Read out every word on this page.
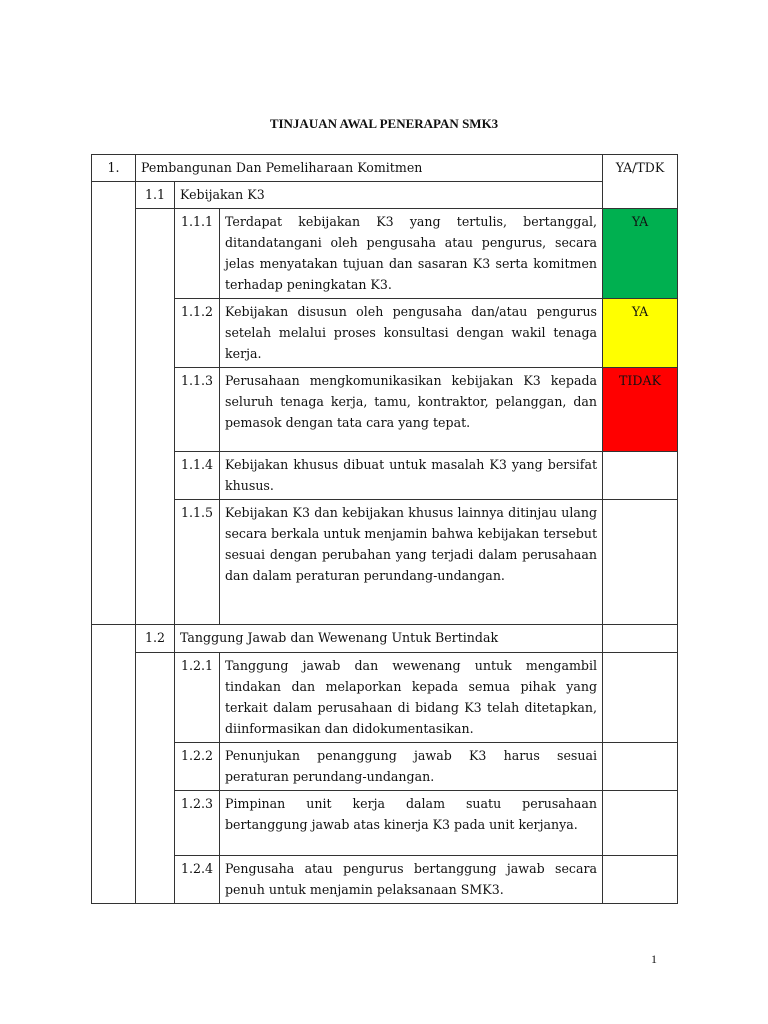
TINJAUAN AWAL PENERAPAN SMK3
1.	Pembangunan Dan Pemeliharaan Komitmen			YA/TDK
	1.1	Kebijakan K3		
		1.1.1	Terdapat kebijakan K3 yang tertulis, bertanggal, ditandatangani oleh pengusaha atau pengurus, secara jelas menyatakan tujuan dan sasaran K3 serta komitmen terhadap peningkatan K3.	YA
		1.1.2	Kebijakan disusun oleh pengusaha dan/atau pengurus setelah melalui proses konsultasi dengan wakil tenaga kerja.	YA
		1.1.3	Perusahaan mengkomunikasikan kebijakan K3 kepada seluruh tenaga kerja, tamu, kontraktor, pelanggan, dan pemasok dengan tata cara yang tepat.	TIDAK
		1.1.4	Kebijakan khusus dibuat untuk masalah K3 yang bersifat khusus.	
		1.1.5	Kebijakan K3 dan kebijakan khusus lainnya ditinjau ulang secara berkala untuk menjamin bahwa kebijakan tersebut sesuai dengan perubahan yang terjadi dalam perusahaan dan dalam peraturan perundang-undangan.	
	1.2	Tanggung Jawab dan Wewenang Untuk Bertindak		
		1.2.1	Tanggung jawab dan wewenang untuk mengambil tindakan dan melaporkan kepada semua pihak yang terkait dalam perusahaan di bidang K3 telah ditetapkan, diinformasikan dan didokumentasikan.	
		1.2.2	Penunjukan penanggung jawab K3 harus sesuai peraturan perundang-undangan.	
		1.2.3	Pimpinan unit kerja dalam suatu perusahaan bertanggung jawab atas kinerja K3 pada unit kerjanya.	
		1.2.4	Pengusaha atau pengurus bertanggung jawab secara penuh untuk menjamin pelaksanaan SMK3.	
1
